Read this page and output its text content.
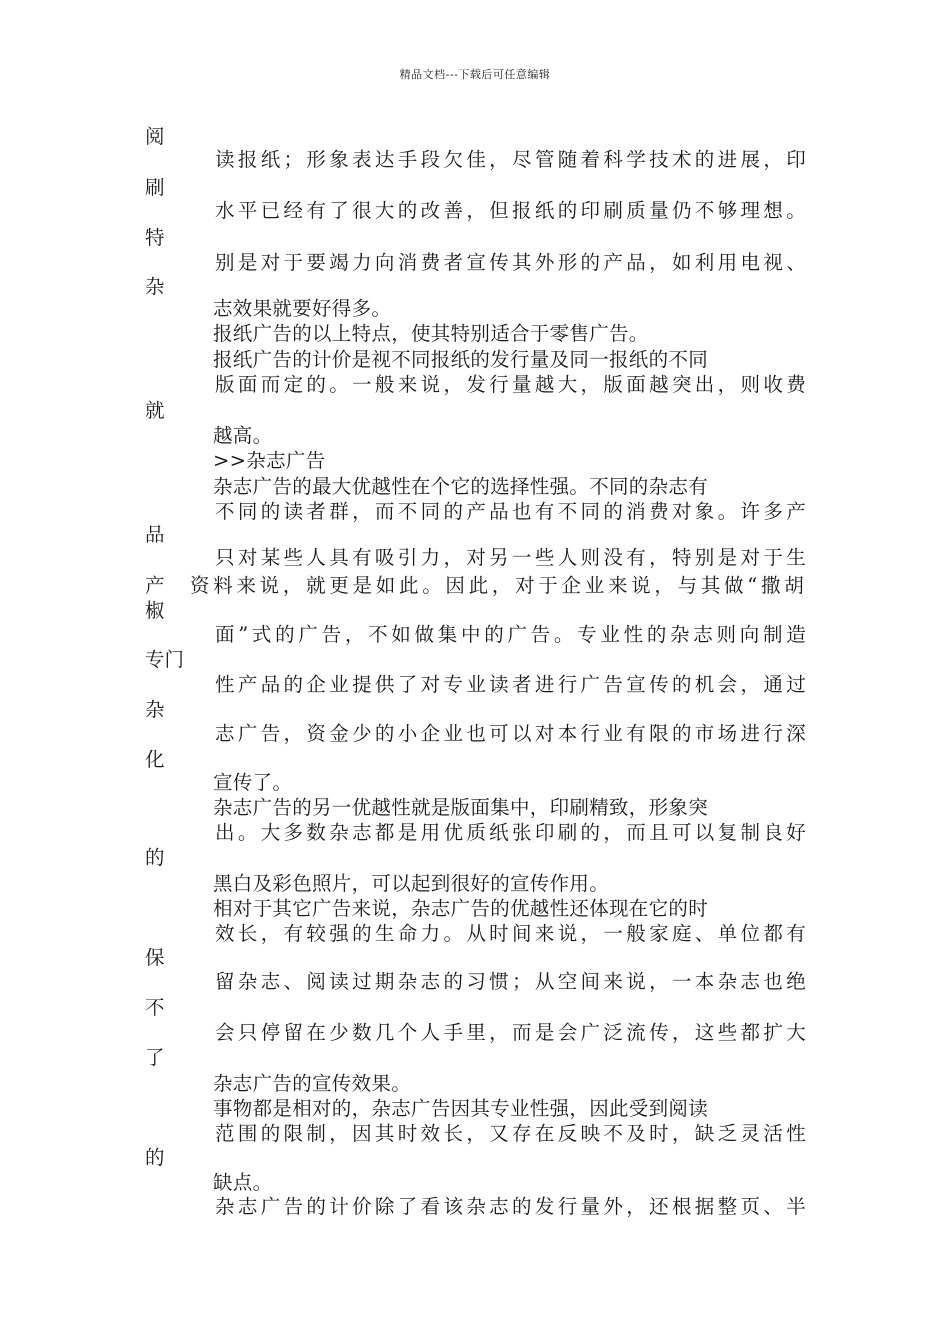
精品文档---下载后可任意编辑
读报纸；形象表达手段欠佳，尽管随着科学技术的进展，印
水平已经有了很大的改善，但报纸的印刷质量仍不够理想。
别是对于要竭力向消费者宣传其外形的产品，如利用电视、
志效果就要好得多。
报纸广告的以上特点，使其特别适合于零售广告。
报纸广告的计价是视不同报纸的发行量及同一报纸的不同
版面而定的。一般来说，发行量越大，版面越突出，则收费
越高。
>>杂志广告
杂志广告的最大优越性在个它的选择性强。不同的杂志有
不同的读者群，而不同的产品也有不同的消费对象。许多产
只对某些人具有吸引力，对另一些人则没有，特别是对于生
资料来说，就更是如此。因此，对于企业来说，与其做“撒胡
面”式的广告，不如做集中的广告。专业性的杂志则向制造
性产品的企业提供了对专业读者进行广告宣传的机会，通过
志广告，资金少的小企业也可以对本行业有限的市场进行深
宣传了。
杂志广告的另一优越性就是版面集中，印刷精致，形象突
出。大多数杂志都是用优质纸张印刷的，而且可以复制良好
黑白及彩色照片，可以起到很好的宣传作用。
相对于其它广告来说，杂志广告的优越性还体现在它的时
效长，有较强的生命力。从时间来说，一般家庭、单位都有
留杂志、阅读过期杂志的习惯；从空间来说，一本杂志也绝
会只停留在少数几个人手里，而是会广泛流传，这些都扩大
杂志广告的宣传效果。
事物都是相对的，杂志广告因其专业性强，因此受到阅读
范围的限制，因其时效长，又存在反映不及时，缺乏灵活性
缺点。
杂志广告的计价除了看该杂志的发行量外，还根据整页、半
阅
刷
特
杂
就
品
产
椒
专门
杂
化
的
保
不
了
的
